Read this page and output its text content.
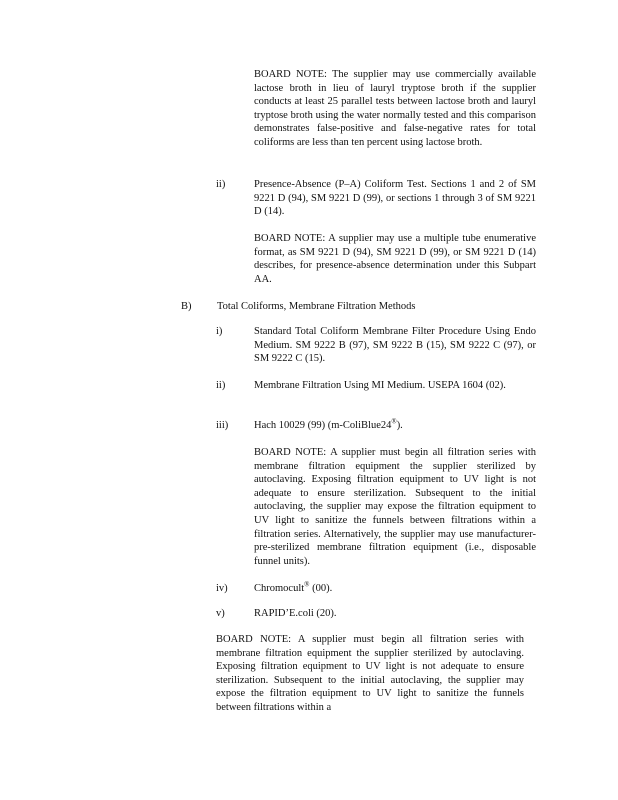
BOARD NOTE: The supplier may use commercially available lactose broth in lieu of lauryl tryptose broth if the supplier conducts at least 25 parallel tests between lactose broth and lauryl tryptose broth using the water normally tested and this comparison demonstrates false-positive and false-negative rates for total coliforms are less than ten percent using lactose broth.
ii)	Presence-Absence (P–A) Coliform Test. Sections 1 and 2 of SM 9221 D (94), SM 9221 D (99), or sections 1 through 3 of SM 9221 D (14).
BOARD NOTE: A supplier may use a multiple tube enumerative format, as SM 9221 D (94), SM 9221 D (99), or SM 9221 D (14) describes, for presence-absence determination under this Subpart AA.
B) Total Coliforms, Membrane Filtration Methods
i)	Standard Total Coliform Membrane Filter Procedure Using Endo Medium. SM 9222 B (97), SM 9222 B (15), SM 9222 C (97), or SM 9222 C (15).
ii)	Membrane Filtration Using MI Medium. USEPA 1604 (02).
iii) Hach 10029 (99) (m-ColiBlue24®).
BOARD NOTE: A supplier must begin all filtration series with membrane filtration equipment the supplier sterilized by autoclaving. Exposing filtration equipment to UV light is not adequate to ensure sterilization. Subsequent to the initial autoclaving, the supplier may expose the filtration equipment to UV light to sanitize the funnels between filtrations within a filtration series. Alternatively, the supplier may use manufacturer-pre-sterilized membrane filtration equipment (i.e., disposable funnel units).
iv)	Chromocult® (00).
v)	RAPID’E.coli (20).
BOARD NOTE: A supplier must begin all filtration series with membrane filtration equipment the supplier sterilized by autoclaving. Exposing filtration equipment to UV light is not adequate to ensure sterilization. Subsequent to the initial autoclaving, the supplier may expose the filtration equipment to UV light to sanitize the funnels between filtrations within a
